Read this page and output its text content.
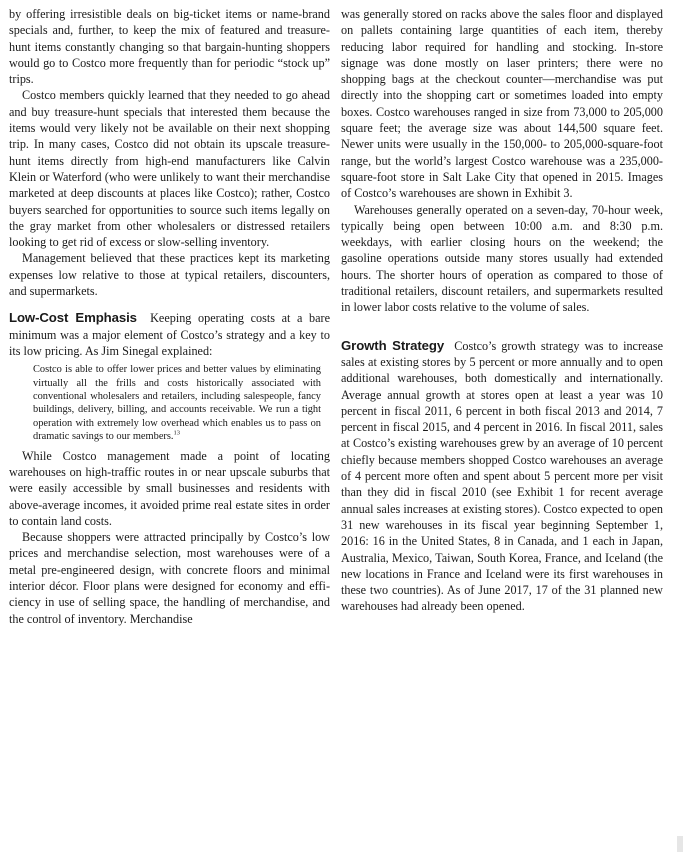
by offering irresistible deals on big-ticket items or name-brand specials and, further, to keep the mix of featured and treasure-hunt items constantly changing so that bargain-hunting shoppers would go to Costco more frequently than for periodic “stock up” trips.

Costco members quickly learned that they needed to go ahead and buy treasure-hunt specials that interested them because the items would very likely not be available on their next shopping trip. In many cases, Costco did not obtain its upscale treasure-hunt items directly from high-end manufacturers like Calvin Klein or Waterford (who were unlikely to want their merchandise marketed at deep discounts at places like Costco); rather, Costco buyers searched for opportunities to source such items legally on the gray market from other wholesalers or distressed retailers looking to get rid of excess or slow-selling inventory.

Management believed that these practices kept its marketing expenses low relative to those at typical retailers, discounters, and supermarkets.

Low-Cost Emphasis Keeping operating costs at a bare minimum was a major element of Costco’s strategy and a key to its low pricing. As Jim Sinegal explained:

Costco is able to offer lower prices and better values by eliminating virtually all the frills and costs historically associated with conventional wholesalers and retailers, including salespeople, fancy buildings, delivery, billing, and accounts receivable. We run a tight operation with extremely low overhead which enables us to pass on dramatic savings to our members.$^{13}$

While Costco management made a point of locating warehouses on high-traffic routes in or near upscale suburbs that were easily accessible by small businesses and residents with above-average incomes, it avoided prime real estate sites in order to contain land costs.

Because shoppers were attracted principally by Costco’s low prices and merchandise selection, most warehouses were of a metal pre-engineered design, with concrete floors and minimal interior décor. Floor plans were designed for economy and efficiency in use of selling space, the handling of merchandise, and the control of inventory. Merchandise

was generally stored on racks above the sales floor and displayed on pallets containing large quantities of each item, thereby reducing labor required for handling and stocking. In-store signage was done mostly on laser printers; there were no shopping bags at the checkout counter—merchandise was put directly into the shopping cart or sometimes loaded into empty boxes. Costco warehouses ranged in size from 73,000 to 205,000 square feet; the average size was about 144,500 square feet. Newer units were usually in the 150,000- to 205,000-square-foot range, but the world’s largest Costco warehouse was a 235,000-square-foot store in Salt Lake City that opened in 2015. Images of Costco’s warehouses are shown in Exhibit 3.

Warehouses generally operated on a seven-day, 70-hour week, typically being open between 10:00 a.m. and 8:30 p.m. weekdays, with earlier closing hours on the weekend; the gasoline operations outside many stores usually had extended hours. The shorter hours of operation as compared to those of traditional retailers, discount retailers, and supermarkets resulted in lower labor costs relative to the volume of sales.

Growth Strategy Costco’s growth strategy was to increase sales at existing stores by 5 percent or more annually and to open additional warehouses, both domestically and internationally. Average annual growth at stores open at least a year was 10 percent in fiscal 2011, 6 percent in both fiscal 2013 and 2014, 7 percent in fiscal 2015, and 4 percent in 2016. In fiscal 2011, sales at Costco’s existing warehouses grew by an average of 10 percent chiefly because members shopped Costco warehouses an average of 4 percent more often and spent about 5 percent more per visit than they did in fiscal 2010 (see Exhibit 1 for recent average annual sales increases at existing stores). Costco expected to open 31 new warehouses in its fiscal year beginning September 1, 2016: 16 in the United States, 8 in Canada, and 1 each in Japan, Australia, Mexico, Taiwan, South Korea, France, and Iceland (the new locations in France and Iceland were its first warehouses in these two countries). As of June 2017, 17 of the 31 planned new warehouses had already been opened.
